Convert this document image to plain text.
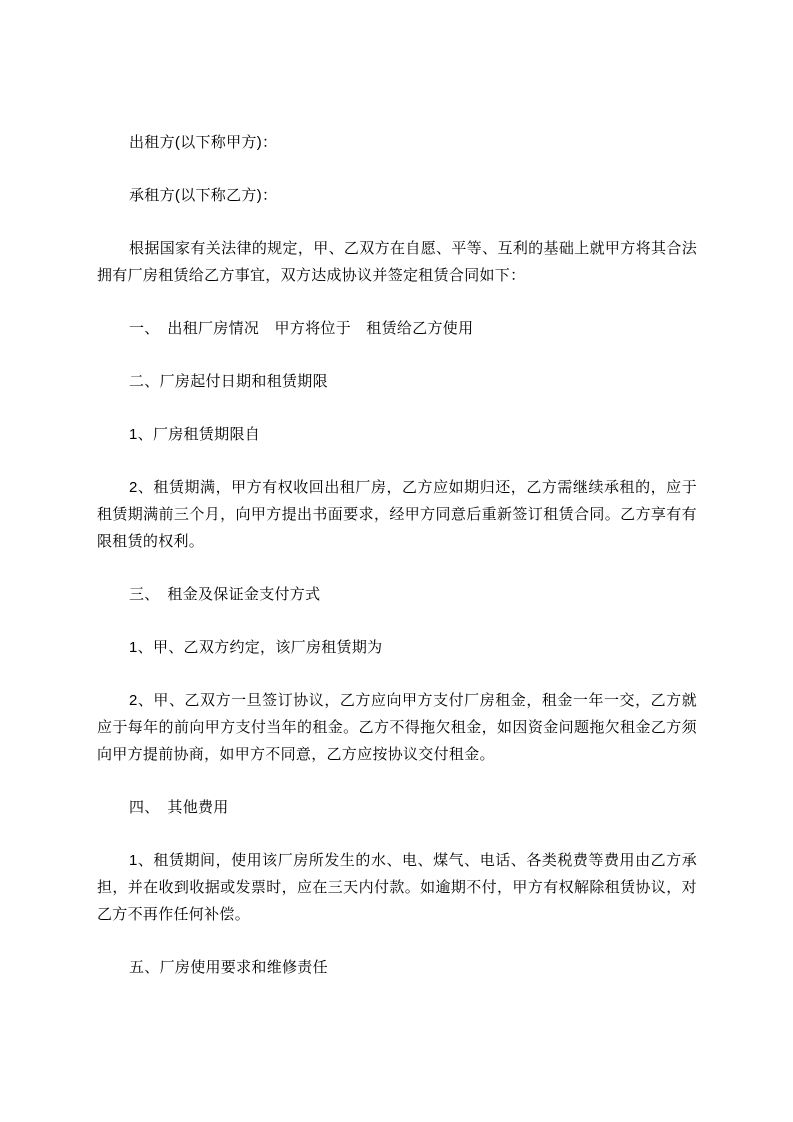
出租方(以下称甲方)：

承租方(以下称乙方)：

根据国家有关法律的规定，甲、乙双方在自愿、平等、互利的基础上就甲方将其合法拥有厂房租赁给乙方事宜，双方达成协议并签定租赁合同如下：

一、　出租厂房情况　甲方将位于　租赁给乙方使用

二、厂房起付日期和租赁期限

1、厂房租赁期限自

2、租赁期满，甲方有权收回出租厂房，乙方应如期归还，乙方需继续承租的，应于租赁期满前三个月，向甲方提出书面要求，经甲方同意后重新签订租赁合同。乙方享有有限租赁的权利。

三、　租金及保证金支付方式

1、甲、乙双方约定，该厂房租赁期为

2、甲、乙双方一旦签订协议，乙方应向甲方支付厂房租金，租金一年一交，乙方就应于每年的前向甲方支付当年的租金。乙方不得拖欠租金，如因资金问题拖欠租金乙方须向甲方提前协商，如甲方不同意，乙方应按协议交付租金。

四、　其他费用

1、租赁期间，使用该厂房所发生的水、电、煤气、电话、各类税费等费用由乙方承担，并在收到收据或发票时，应在三天内付款。如逾期不付，甲方有权解除租赁协议，对乙方不再作任何补偿。

五、厂房使用要求和维修责任
